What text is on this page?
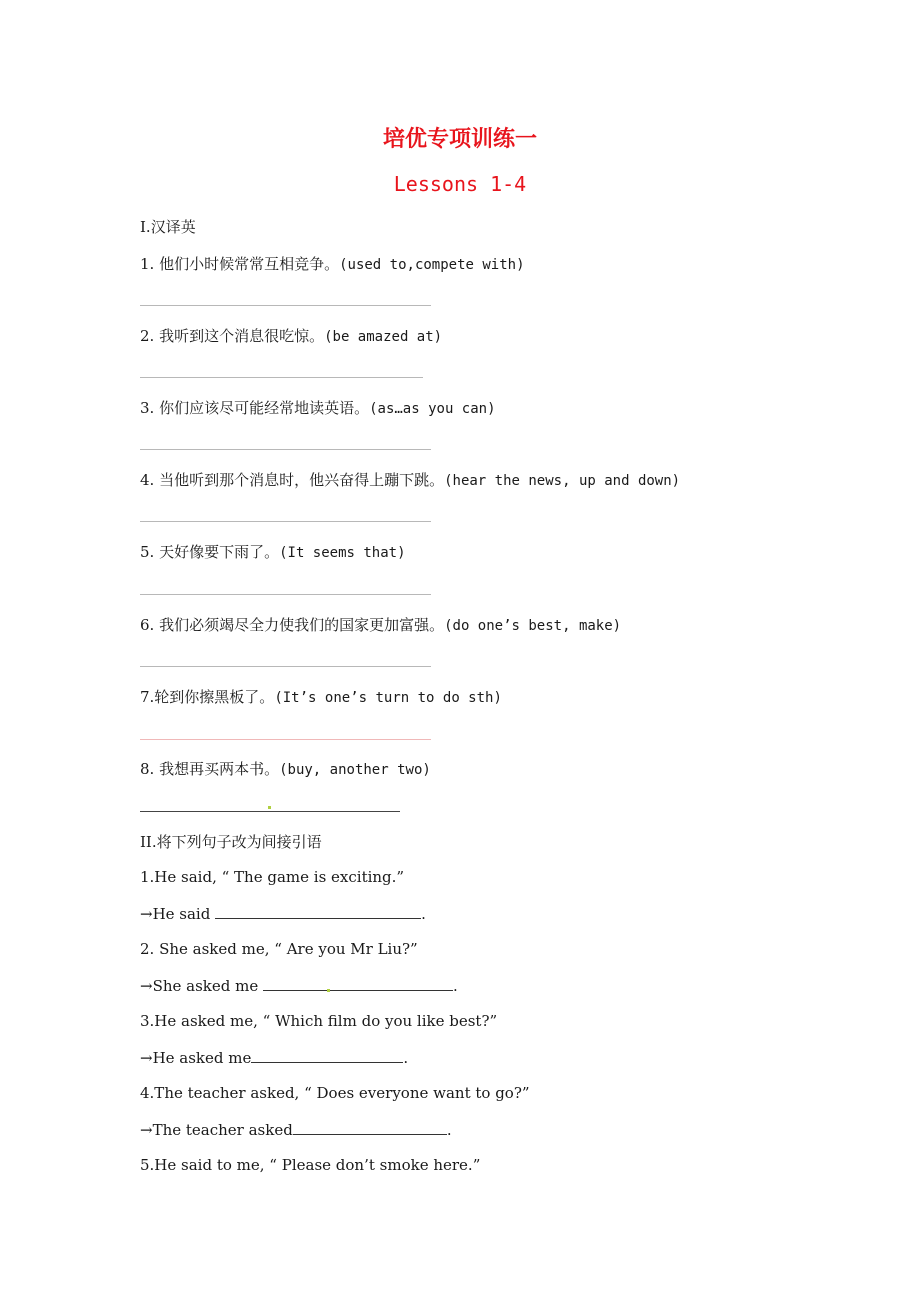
培优专项训练一
Lessons 1-4
I.汉译英
1. 他们小时候常常互相竞争。(used to,compete with)
2. 我听到这个消息很吃惊。(be amazed at)
3. 你们应该尽可能经常地读英语。(as…as you can)
4. 当他听到那个消息时，他兴奋得上蹦下跳。(hear the news, up and down)
5. 天好像要下雨了。(It seems that)
6. 我们必须竭尽全力使我们的国家更加富强。(do one’s best, make)
7.轮到你擦黑板了。(It’s one’s turn to do sth)
8. 我想再买两本书。(buy, another two)
II.将下列句子改为间接引语
1.He said, “ The game is exciting.”
→He said	.
2. She asked me, “ Are you Mr Liu?”
→She asked me	.
3.He asked me, “ Which film do you like best?”
→He asked me	.
4.The teacher asked, “ Does everyone want to go?”
→The teacher asked	.
5.He said to me, “ Please don’t smoke here.”
